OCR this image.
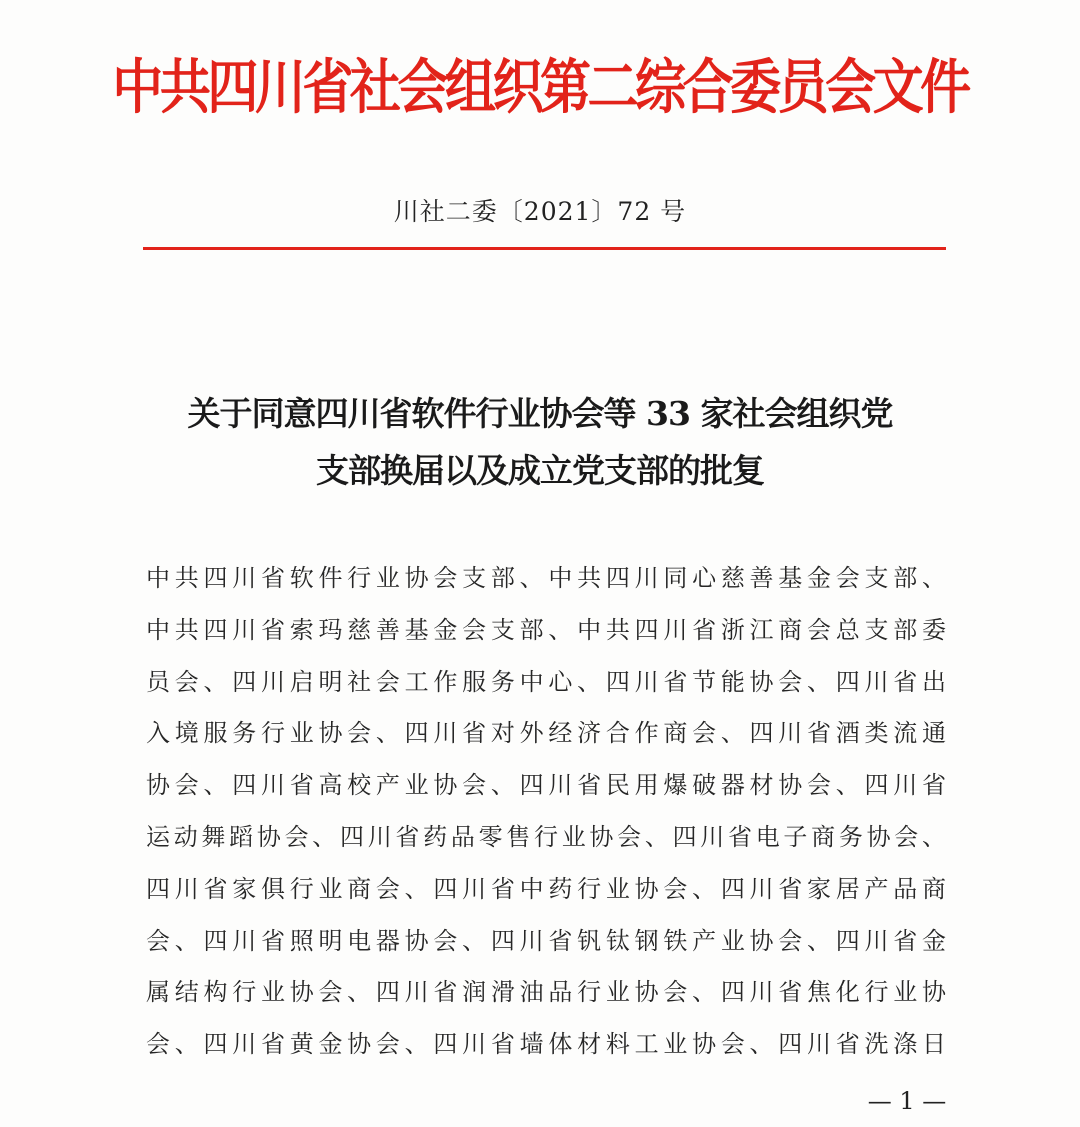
中共四川省社会组织第二综合委员会文件
川社二委〔2021〕72 号
关于同意四川省软件行业协会等 33 家社会组织党
支部换届以及成立党支部的批复
中共四川省软件行业协会支部、中共四川同心慈善基金会支部、
中共四川省索玛慈善基金会支部、中共四川省浙江商会总支部委
员会、四川启明社会工作服务中心、四川省节能协会、四川省出
入境服务行业协会、四川省对外经济合作商会、四川省酒类流通
协会、四川省高校产业协会、四川省民用爆破器材协会、四川省
运动舞蹈协会、四川省药品零售行业协会、四川省电子商务协会、
四川省家俱行业商会、四川省中药行业协会、四川省家居产品商
会、四川省照明电器协会、四川省钒钛钢铁产业协会、四川省金
属结构行业协会、四川省润滑油品行业协会、四川省焦化行业协
会、四川省黄金协会、四川省墙体材料工业协会、四川省洗涤日
— 1 —
